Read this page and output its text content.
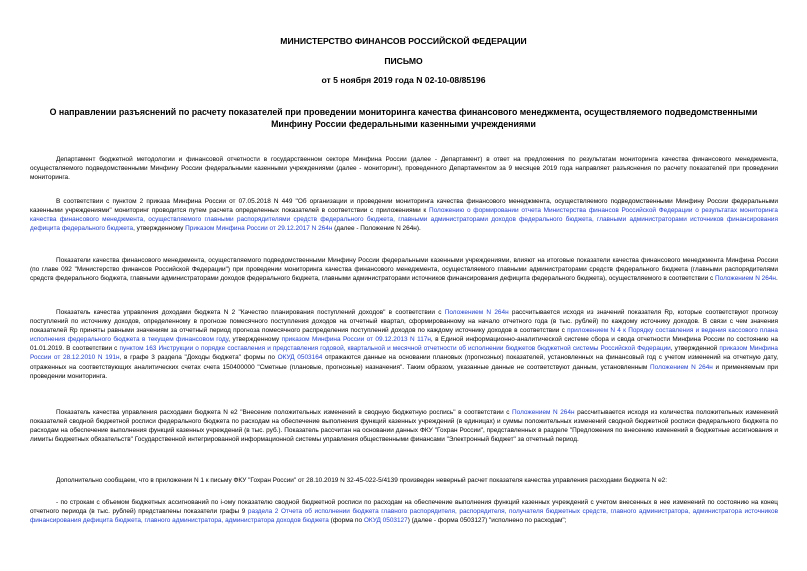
МИНИСТЕРСТВО ФИНАНСОВ РОССИЙСКОЙ ФЕДЕРАЦИИ
ПИСЬМО
от 5 ноября 2019 года N 02-10-08/85196
О направлении разъяснений по расчету показателей при проведении мониторинга качества финансового менеджмента, осуществляемого подведомственными Минфину России федеральными казенными учреждениями
Департамент бюджетной методологии и финансовой отчетности в государственном секторе Минфина России (далее - Департамент) в ответ на предложения по результатам мониторинга качества финансового менеджмента, осуществляемого подведомственными Минфину России федеральными казенными учреждениями (далее - мониторинг), проведенного Департаментом за 9 месяцев 2019 года направляет разъяснения по расчету показателей при проведении мониторинга.
В соответствии с пунктом 2 приказа Минфина России от 07.05.2018 N 449 "Об организации и проведении мониторинга качества финансового менеджмента, осуществляемого подведомственными Минфину России федеральными казенными учреждениями" мониторинг проводится путем расчета определенных показателей в соответствии с приложениями к Положению о формировании отчета Министерства финансов Российской Федерации о результатах мониторинга качества финансового менеджмента, осуществляемого главными распорядителями средств федерального бюджета, главными администраторами доходов федерального бюджета, главными администраторами источников финансирования дефицита федерального бюджета, утвержденному Приказом Минфина России от 29.12.2017 N 264н (далее - Положение N 264н).
Показатели качества финансового менеджмента, осуществляемого подведомственными Минфину России федеральными казенными учреждениями, влияют на итоговые показатели качества финансового менеджмента Минфина России (по главе 092 "Министерство финансов Российской Федерации") при проведении мониторинга качества финансового менеджмента, осуществляемого главными администраторами средств федерального бюджета (главными распорядителями средств федерального бюджета, главными администраторами доходов федерального бюджета, главными администраторами источников финансирования дефицита федерального бюджета), осуществляемого в соответствии с Положением N 264н.
Показатель качества управления доходами бюджета N 2 "Качество планирования поступлений доходов" в соответствии с Положением N 264н рассчитывается исходя из значений показателя Rp, которые соответствуют прогнозу поступлений по источнику доходов, определенному в прогнозе помесячного поступления доходов на отчетный квартал, сформированному на начало отчетного года (в тыс. рублей) по каждому источнику доходов. В связи с чем значения показателей Rp приняты равными значениям за отчетный период прогноза помесячного распределения поступлений доходов по каждому источнику доходов в соответствии с приложением N 4 к Порядку составления и ведения кассового плана исполнения федерального бюджета в текущем финансовом году, утвержденному приказом Минфина России от 09.12.2013 N 117н, в Единой информационно-аналитической системе сбора и свода отчетности Минфина России по состоянию на 01.01.2019. В соответствии с пунктом 163 Инструкции о порядке составления и представления годовой, квартальной и месячной отчетности об исполнении бюджетов бюджетной системы Российской Федерации, утвержденной приказом Минфина России от 28.12.2010 N 191н, в графе 3 раздела "Доходы бюджета" формы по ОКУД 0503164 отражаются данные на основании плановых (прогнозных) показателей, установленных на финансовый год с учетом изменений на отчетную дату, отраженных на соответствующих аналитических счетах счета 150400000 "Сметные (плановые, прогнозные) назначения". Таким образом, указанные данные не соответствуют данным, установленным Положением N 264н и применяемым при проведении мониторинга.
Показатель качества управления расходами бюджета N e2 "Внесение положительных изменений в сводную бюджетную роспись" в соответствии с Положением N 264н рассчитывается исходя из количества положительных изменений показателей сводной бюджетной росписи федерального бюджета по расходам на обеспечение выполнения функций казенных учреждений (в единицах) и суммы положительных изменений сводной бюджетной росписи федерального бюджета по расходам на обеспечение выполнения функций казенных учреждений (в тыс. руб.). Показатель рассчитан на основании данных ФКУ "Гохран России", представленных в разделе "Предложения по внесению изменений в бюджетные ассигнования и лимиты бюджетных обязательств" Государственной интегрированной информационной системы управления общественными финансами "Электронный бюджет" за отчетный период.
Дополнительно сообщаем, что в приложении N 1 к письму ФКУ "Гохран России" от 28.10.2019 N 32-45-022-5/4139 произведен неверный расчет показателя качества управления расходами бюджета N e2:
- по строкам с объемом бюджетных ассигнований по i-ому показателю сводной бюджетной росписи по расходам на обеспечение выполнения функций казенных учреждений с учетом внесенных в нее изменений по состоянию на конец отчетного периода (в тыс. рублей) представлены показатели графы 9 раздела 2 Отчета об исполнении бюджета главного распорядителя, распорядителя, получателя бюджетных средств, главного администратора, администратора источников финансирования дефицита бюджета, главного администратора, администратора доходов бюджета (форма по ОКУД 0503127) (далее - форма 0503127) "исполнено по расходам";
